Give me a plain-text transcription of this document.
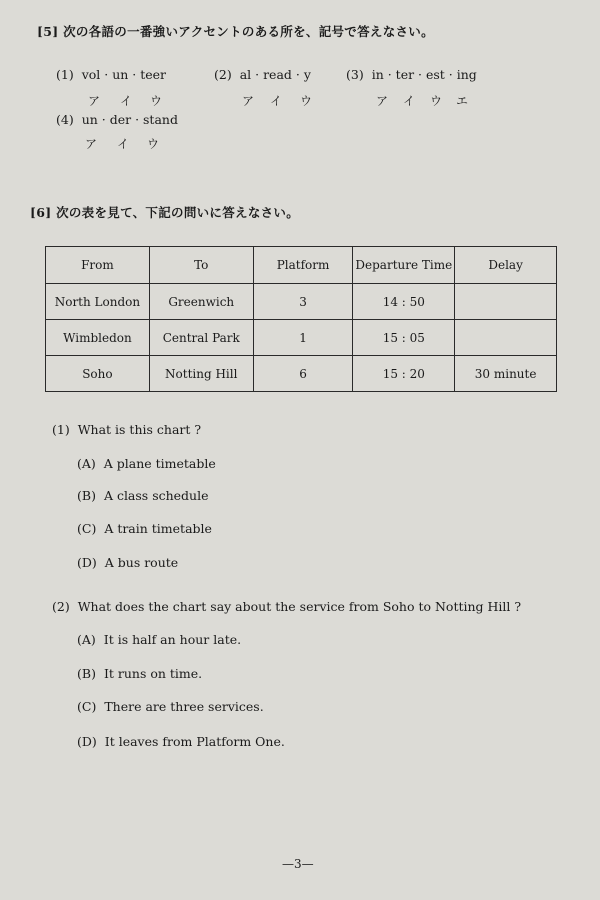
[5] 次の各語の一番強いアクセントのある所を、記号で答えなさい。
(1) vol · un · teer
ア イ ウ
(2) al · read · y
ア イ ウ
(3) in · ter · est · ing
ア イ ウ エ
(4) un · der · stand
ア イ ウ
[6] 次の表を見て、下記の問いに答えなさい。
From	To	Platform	Departure Time	Delay
North London	Greenwich	3	14 : 50	
Wimbledon	Central Park	1	15 : 05	
Soho	Notting Hill	6	15 : 20	30 minute
(1) What is this chart ?
(A) A plane timetable
(B) A class schedule
(C) A train timetable
(D) A bus route
(2) What does the chart say about the service from Soho to Notting Hill ?
(A) It is half an hour late.
(B) It runs on time.
(C) There are three services.
(D) It leaves from Platform One.
—3—
